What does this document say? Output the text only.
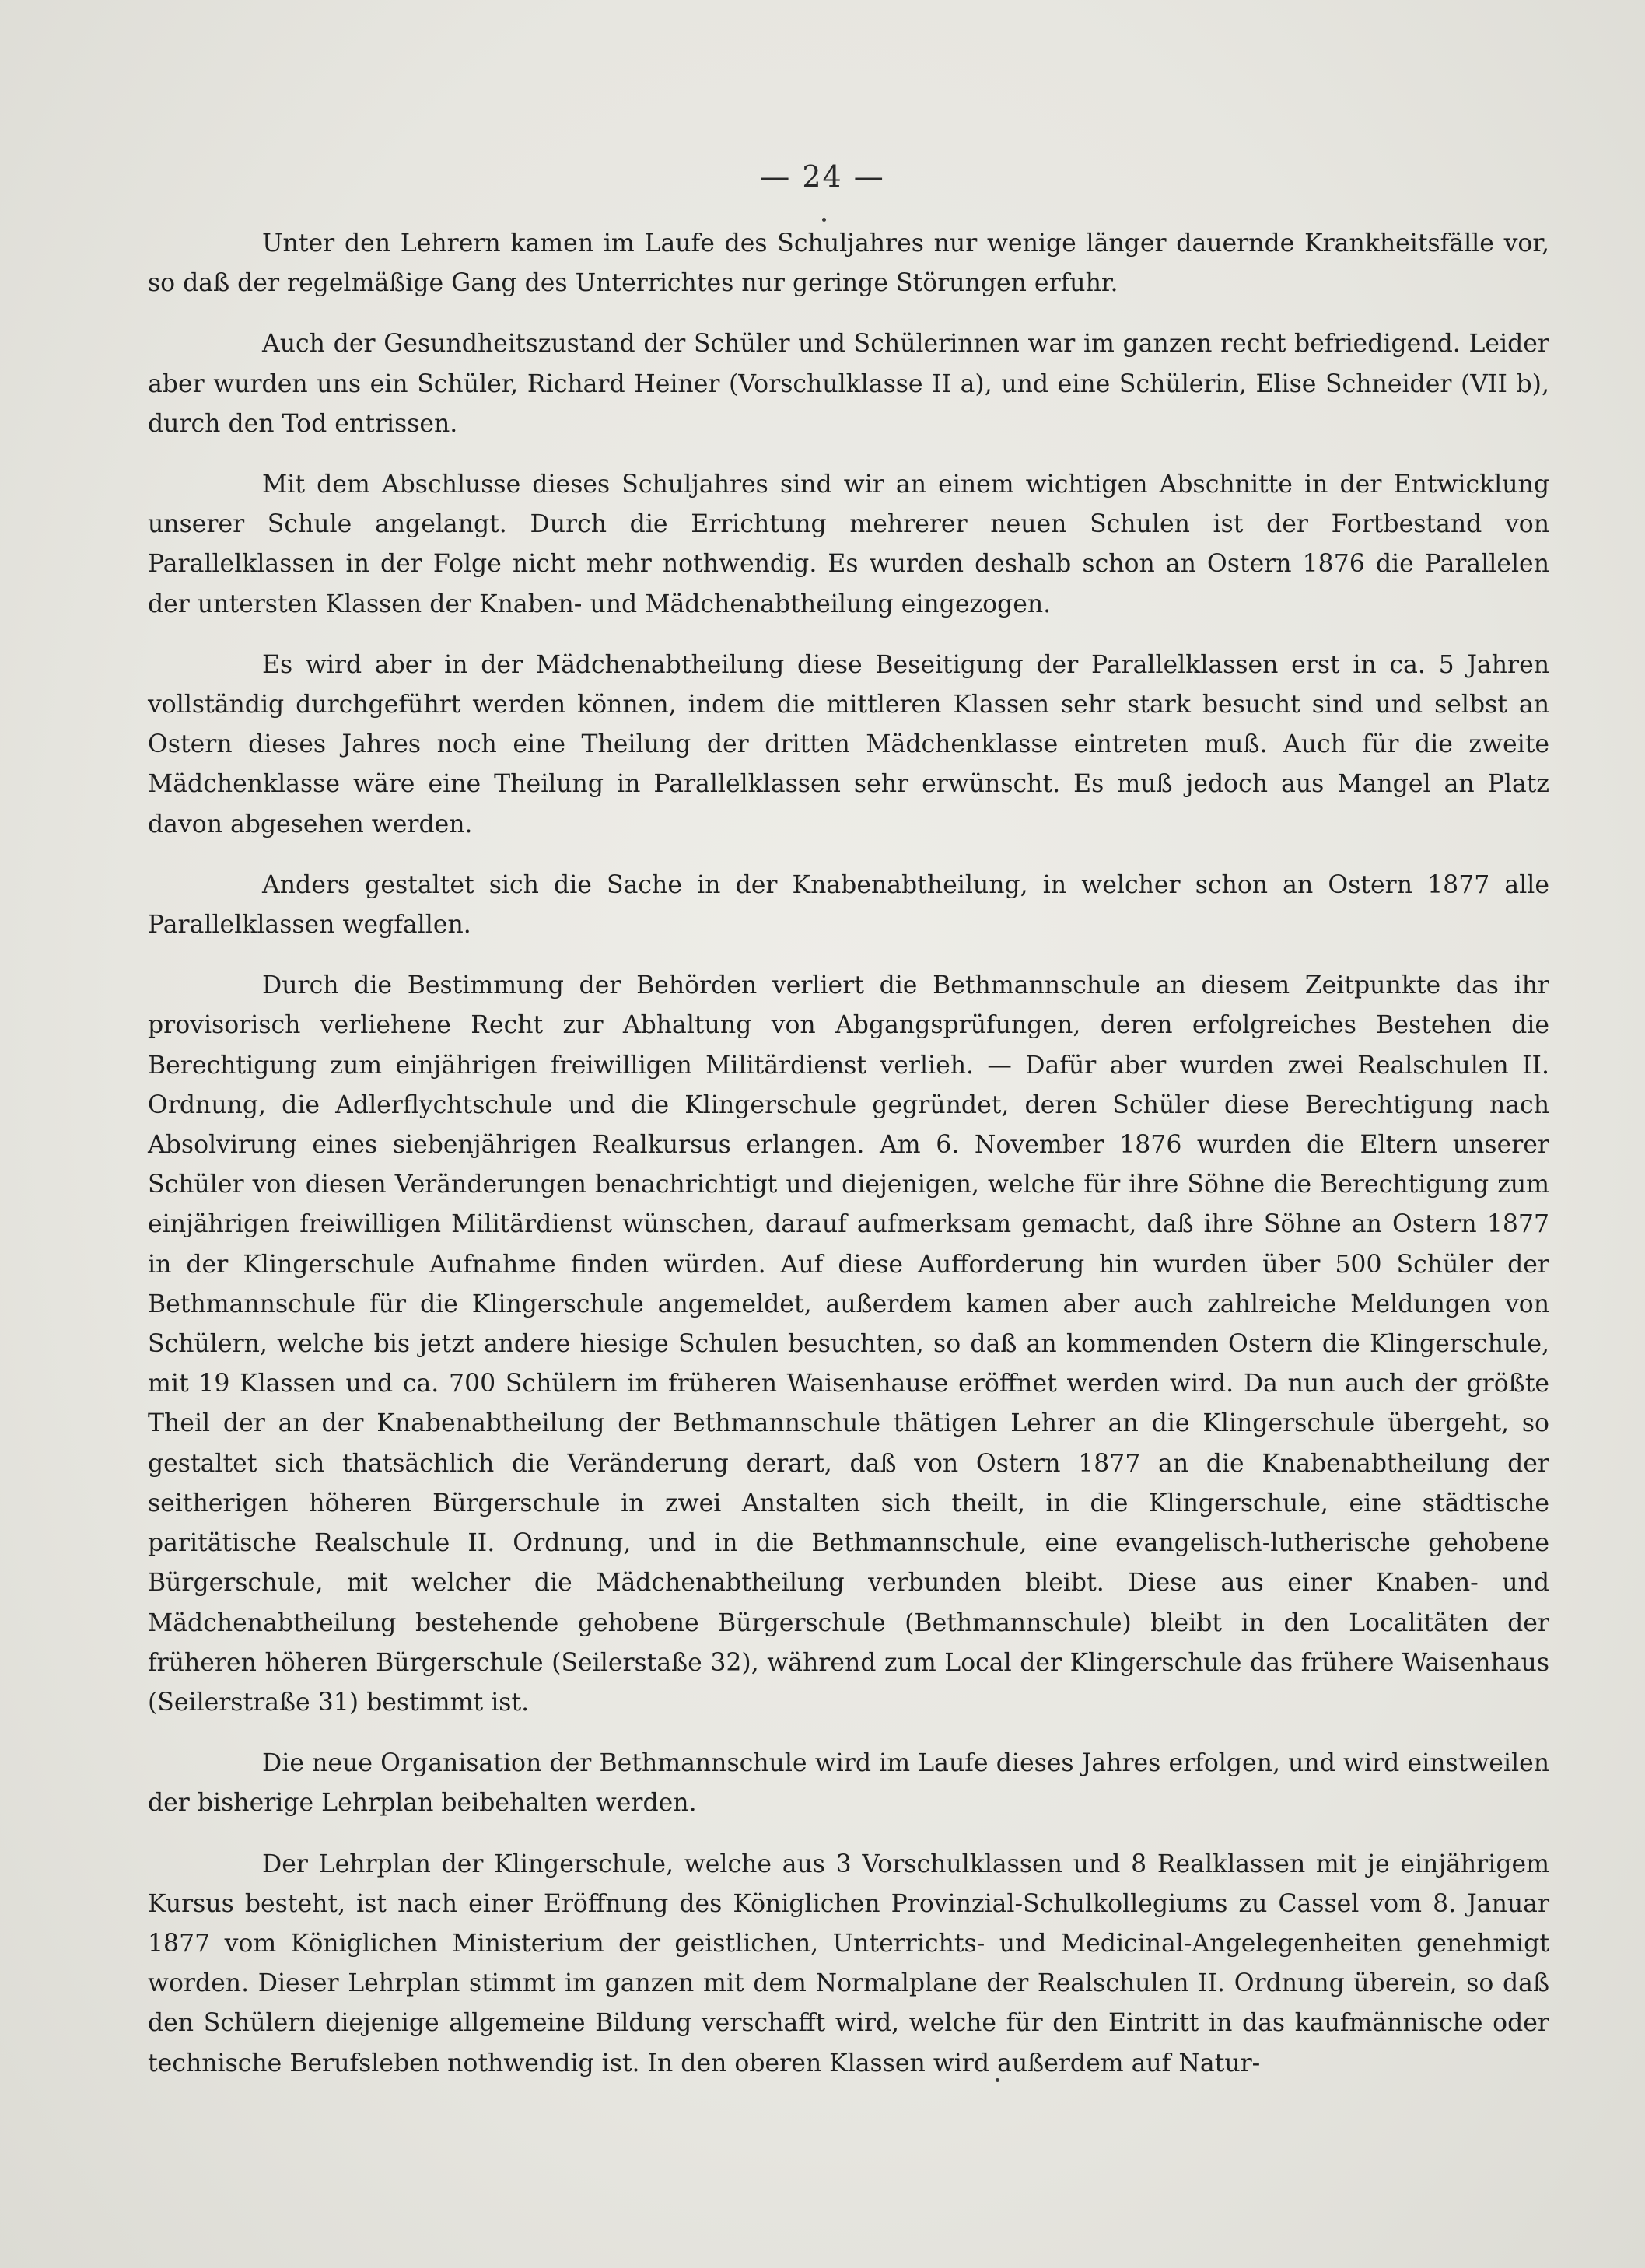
— 24 —

Unter den Lehrern kamen im Laufe des Schuljahres nur wenige länger dauernde Krankheitsfälle vor, so daß der regelmäßige Gang des Unterrichtes nur geringe Störungen erfuhr.

Auch der Gesundheitszustand der Schüler und Schülerinnen war im ganzen recht befriedigend. Leider aber wurden uns ein Schüler, Richard Heiner (Vorschulklasse II a), und eine Schülerin, Elise Schneider (VII b), durch den Tod entrissen.

Mit dem Abschlusse dieses Schuljahres sind wir an einem wichtigen Abschnitte in der Entwicklung unserer Schule angelangt. Durch die Errichtung mehrerer neuen Schulen ist der Fortbestand von Parallelklassen in der Folge nicht mehr nothwendig. Es wurden deshalb schon an Ostern 1876 die Parallelen der untersten Klassen der Knaben- und Mädchenabtheilung eingezogen.

Es wird aber in der Mädchenabtheilung diese Beseitigung der Parallelklassen erst in ca. 5 Jahren vollständig durchgeführt werden können, indem die mittleren Klassen sehr stark besucht sind und selbst an Ostern dieses Jahres noch eine Theilung der dritten Mädchenklasse eintreten muß. Auch für die zweite Mädchenklasse wäre eine Theilung in Parallelklassen sehr erwünscht. Es muß jedoch aus Mangel an Platz davon abgesehen werden.

Anders gestaltet sich die Sache in der Knabenabtheilung, in welcher schon an Ostern 1877 alle Parallelklassen wegfallen.

Durch die Bestimmung der Behörden verliert die Bethmannschule an diesem Zeitpunkte das ihr provisorisch verliehene Recht zur Abhaltung von Abgangsprüfungen, deren erfolgreiches Bestehen die Berechtigung zum einjährigen freiwilligen Militärdienst verlieh. — Dafür aber wurden zwei Realschulen II. Ordnung, die Adlerflychtschule und die Klingerschule gegründet, deren Schüler diese Berechtigung nach Absolvirung eines siebenjährigen Realkursus erlangen. Am 6. November 1876 wurden die Eltern unserer Schüler von diesen Veränderungen benachrichtigt und diejenigen, welche für ihre Söhne die Berechtigung zum einjährigen freiwilligen Militärdienst wünschen, darauf aufmerksam gemacht, daß ihre Söhne an Ostern 1877 in der Klingerschule Aufnahme finden würden. Auf diese Aufforderung hin wurden über 500 Schüler der Bethmannschule für die Klingerschule angemeldet, außerdem kamen aber auch zahlreiche Meldungen von Schülern, welche bis jetzt andere hiesige Schulen besuchten, so daß an kommenden Ostern die Klingerschule, mit 19 Klassen und ca. 700 Schülern im früheren Waisenhause eröffnet werden wird. Da nun auch der größte Theil der an der Knabenabtheilung der Bethmannschule thätigen Lehrer an die Klingerschule übergeht, so gestaltet sich thatsächlich die Veränderung derart, daß von Ostern 1877 an die Knabenabtheilung der seitherigen höheren Bürgerschule in zwei Anstalten sich theilt, in die Klingerschule, eine städtische paritätische Realschule II. Ordnung, und in die Bethmannschule, eine evangelisch-lutherische gehobene Bürgerschule, mit welcher die Mädchenabtheilung verbunden bleibt. Diese aus einer Knaben- und Mädchenabtheilung bestehende gehobene Bürgerschule (Bethmannschule) bleibt in den Localitäten der früheren höheren Bürgerschule (Seilerstaße 32), während zum Local der Klingerschule das frühere Waisenhaus (Seilerstraße 31) bestimmt ist.

Die neue Organisation der Bethmannschule wird im Laufe dieses Jahres erfolgen, und wird einstweilen der bisherige Lehrplan beibehalten werden.

Der Lehrplan der Klingerschule, welche aus 3 Vorschulklassen und 8 Realklassen mit je einjährigem Kursus besteht, ist nach einer Eröffnung des Königlichen Provinzial-Schulkollegiums zu Cassel vom 8. Januar 1877 vom Königlichen Ministerium der geistlichen, Unterrichts- und Medicinal-Angelegenheiten genehmigt worden. Dieser Lehrplan stimmt im ganzen mit dem Normalplane der Realschulen II. Ordnung überein, so daß den Schülern diejenige allgemeine Bildung verschafft wird, welche für den Eintritt in das kaufmännische oder technische Berufsleben nothwendig ist. In den oberen Klassen wird außerdem auf Natur-
